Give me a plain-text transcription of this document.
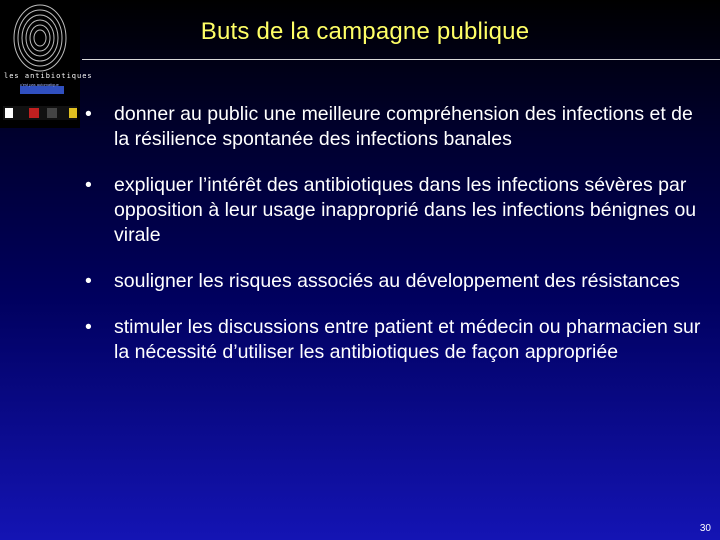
les antibiotiques
c'est pas automatique
Buts de la campagne publique
• donner au public une meilleure compréhension des infections et de la résilience spontanée des infections banales
• expliquer l’intérêt des antibiotiques dans les infections sévères par opposition à leur usage inapproprié dans les infections bénignes ou virale
• souligner les risques associés au développement des résistances
• stimuler les discussions entre patient et médecin ou pharmacien sur la nécessité d’utiliser les antibiotiques de façon appropriée
30
